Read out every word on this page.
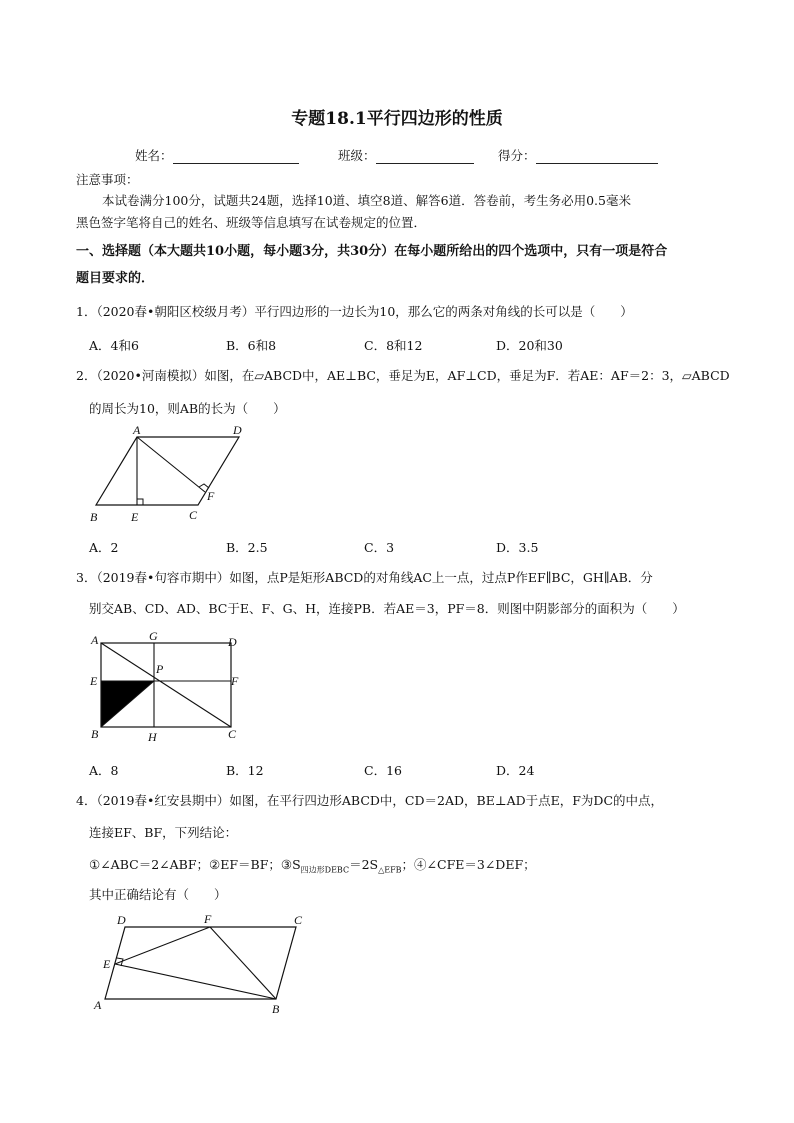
专题18.1平行四边形的性质
姓名：	班级：	得分：
注意事项：
本试卷满分100分，试题共24题，选择10道、填空8道、解答6道．答卷前，考生务必用0.5毫米
黑色签字笔将自己的姓名、班级等信息填写在试卷规定的位置．
一、选择题（本大题共10小题，每小题3分，共30分）在每小题所给出的四个选项中，只有一项是符合
题目要求的．
1．（2020春•朝阳区校级月考）平行四边形的一边长为10，那么它的两条对角线的长可以是（　　）
A．4和6	B．6和8	C．8和12	D．20和30
2．（2020•河南模拟）如图，在▱ABCD中，AE⊥BC，垂足为E，AF⊥CD，垂足为F．若AE：AF＝2：3，▱ABCD
的周长为10，则AB的长为（　　）
A	D
B	E	C
F
A．2	B．2.5	C．3	D．3.5
3．（2019春•句容市期中）如图，点P是矩形ABCD的对角线AC上一点，过点P作EF∥BC，GH∥AB．分
别交AB、CD、AD、BC于E、F、G、H，连接PB．若AE＝3，PF＝8．则图中阴影部分的面积为（　　）
A	G	D
P
E	F
B	H	C
A．8	B．12	C．16	D．24
4．（2019春•红安县期中）如图，在平行四边形ABCD中，CD＝2AD，BE⊥AD于点E，F为DC的中点，
连接EF、BF，下列结论：
①∠ABC＝2∠ABF；②EF＝BF；$③S_{四边形DEBC}=2S_{\triangle EFB}$；④∠CFE＝3∠DEF；
其中正确结论有（　　）
D	F	C
E
A	B
